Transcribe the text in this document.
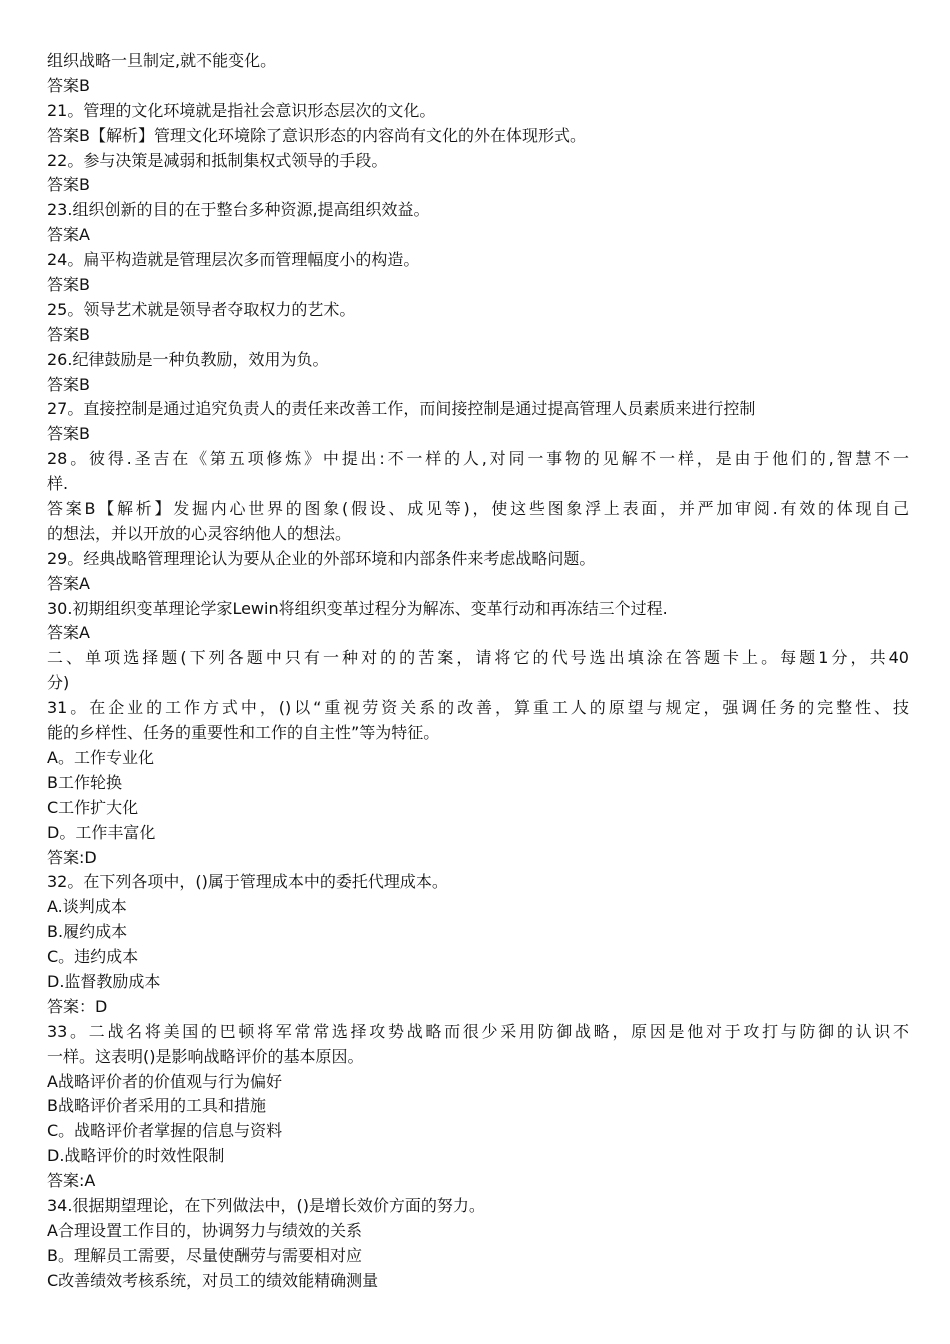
组织战略一旦制定,就不能变化。
答案B
21。管理的文化环境就是指社会意识形态层次的文化。
答案B【解析】管理文化环境除了意识形态的内容尚有文化的外在体现形式。
22。参与决策是减弱和抵制集权式领导的手段。
答案B
23.组织创新的目的在于整台多种资源,提高组织效益。
答案A
24。扁平构造就是管理层次多而管理幅度小的构造。
答案B
25。领导艺术就是领导者夺取权力的艺术。
答案B
26.纪律鼓励是一种负教励，效用为负。
答案B
27。直接控制是通过追究负责人的责任来改善工作，而间接控制是通过提高管理人员素质来进行控制
答案B
28。彼得.圣吉在《第五项修炼》中提出:不一样的人,对同一事物的见解不一样，是由于他们的,智慧不一
样.
答案B【解析】发掘内心世界的图象(假设、成见等)，使这些图象浮上表面，并严加审阅.有效的体现自己
的想法，并以开放的心灵容纳他人的想法。
29。经典战略管理理论认为要从企业的外部环境和内部条件来考虑战略问题。
答案A
30.初期组织变革理论学家Lewin将组织变革过程分为解冻、变革行动和再冻结三个过程.
答案A
二、单项选择题(下列各题中只有一种对的的苦案，请将它的代号选出填涂在答题卡上。每题1分，共40
分)
31。在企业的工作方式中，()以“重视劳资关系的改善，算重工人的原望与规定，强调任务的完整性、技
能的乡样性、任务的重要性和工作的自主性”等为特征。
A。工作专业化
B工作轮换
C工作扩大化
D。工作丰富化
答案:D
32。在下列各项中，()属于管理成本中的委托代理成本。
A.谈判成本
B.履约成本
C。违约成本
D.监督教励成本
答案：D
33。二战名将美国的巴顿将军常常选择攻势战略而很少采用防御战略，原因是他对于攻打与防御的认识不
一样。这表明()是影响战略评价的基本原因。
A战略评价者的价值观与行为偏好
B战略评价者采用的工具和措施
C。战略评价者掌握的信息与资料
D.战略评价的时效性限制
答案:A
34.很据期望理论，在下列做法中，()是增长效价方面的努力。
A合理设置工作目的，协调努力与绩效的关系
B。理解员工需要，尽量使酬劳与需要相对应
C改善绩效考核系统，对员工的绩效能精确测量
